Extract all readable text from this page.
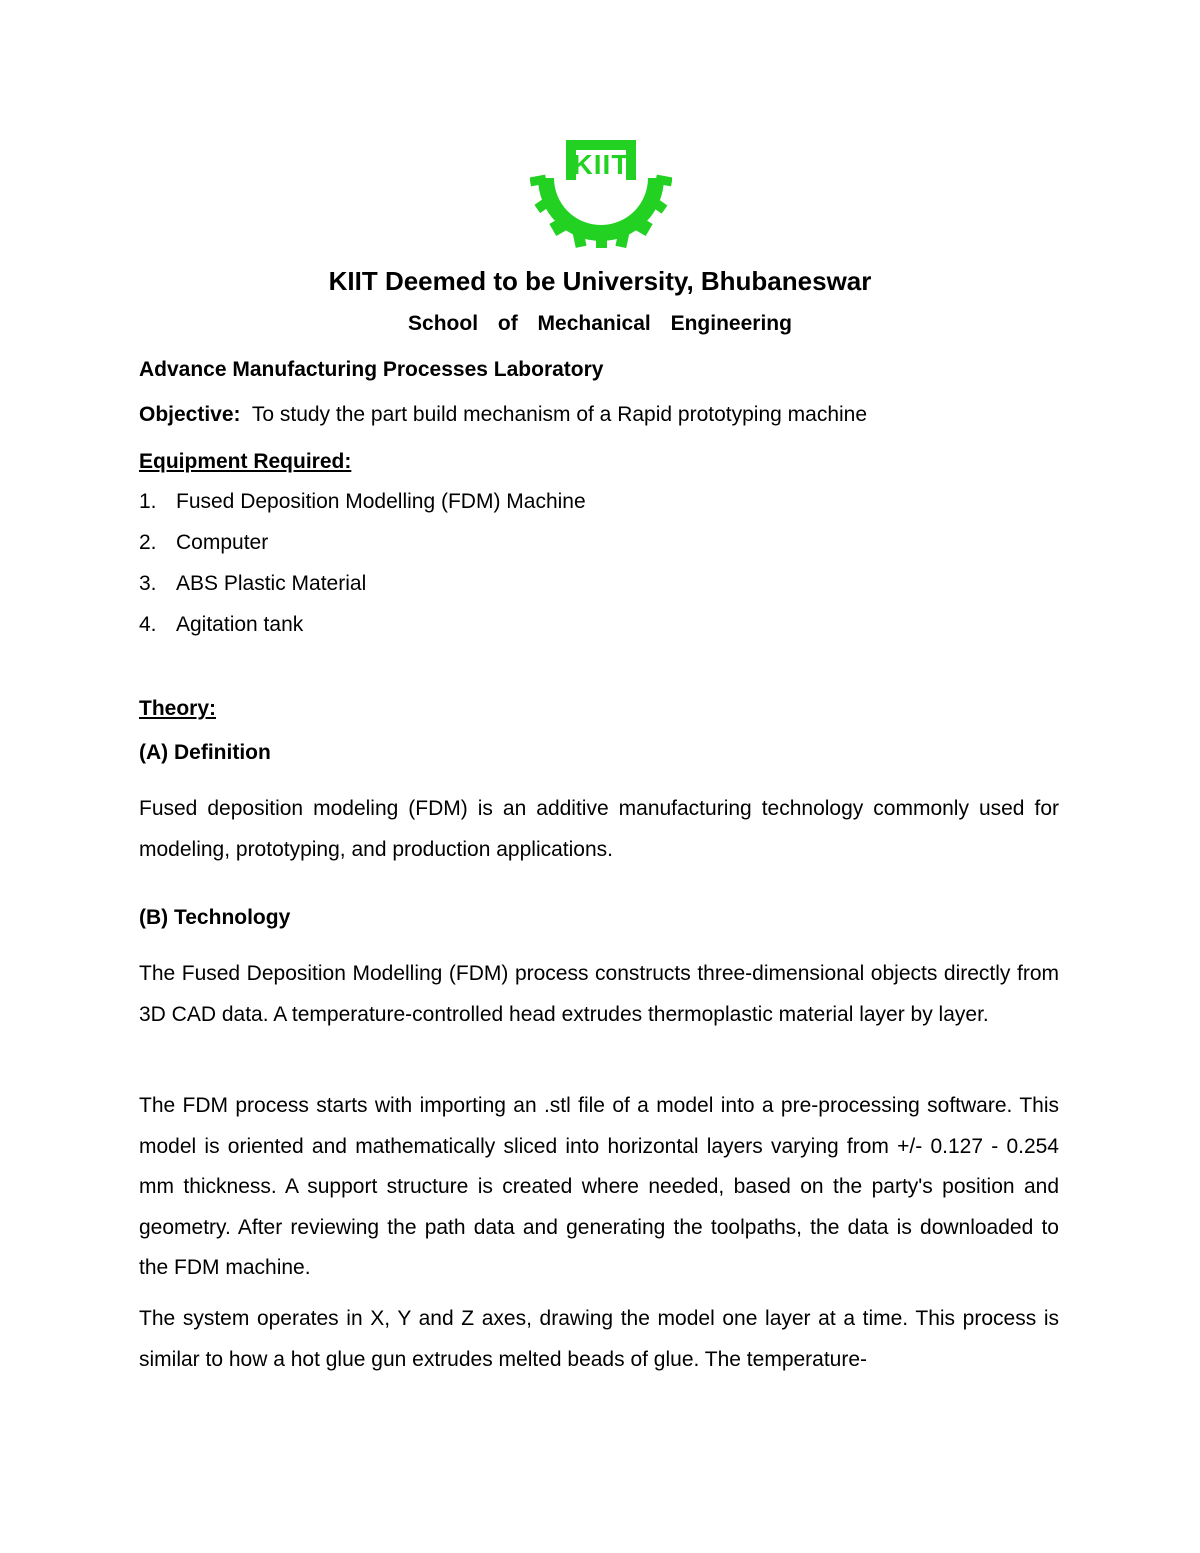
KIIT
KIIT Deemed to be University, Bhubaneswar
School of Mechanical Engineering
Advance Manufacturing Processes Laboratory
Objective: To study the part build mechanism of a Rapid prototyping machine
Equipment Required:
1. Fused Deposition Modelling (FDM) Machine
2. Computer
3. ABS Plastic Material
4. Agitation tank
Theory:
(A) Definition

Fused deposition modeling (FDM) is an additive manufacturing technology commonly used for modeling, prototyping, and production applications.

(B) Technology

The Fused Deposition Modelling (FDM) process constructs three-dimensional objects directly from 3D CAD data. A temperature-controlled head extrudes thermoplastic material layer by layer.

The FDM process starts with importing an .stl file of a model into a pre-processing software. This model is oriented and mathematically sliced into horizontal layers varying from +/- 0.127 - 0.254 mm thickness. A support structure is created where needed, based on the party's position and geometry. After reviewing the path data and generating the toolpaths, the data is downloaded to the FDM machine.

The system operates in X, Y and Z axes, drawing the model one layer at a time. This process is similar to how a hot glue gun extrudes melted beads of glue. The temperature-
